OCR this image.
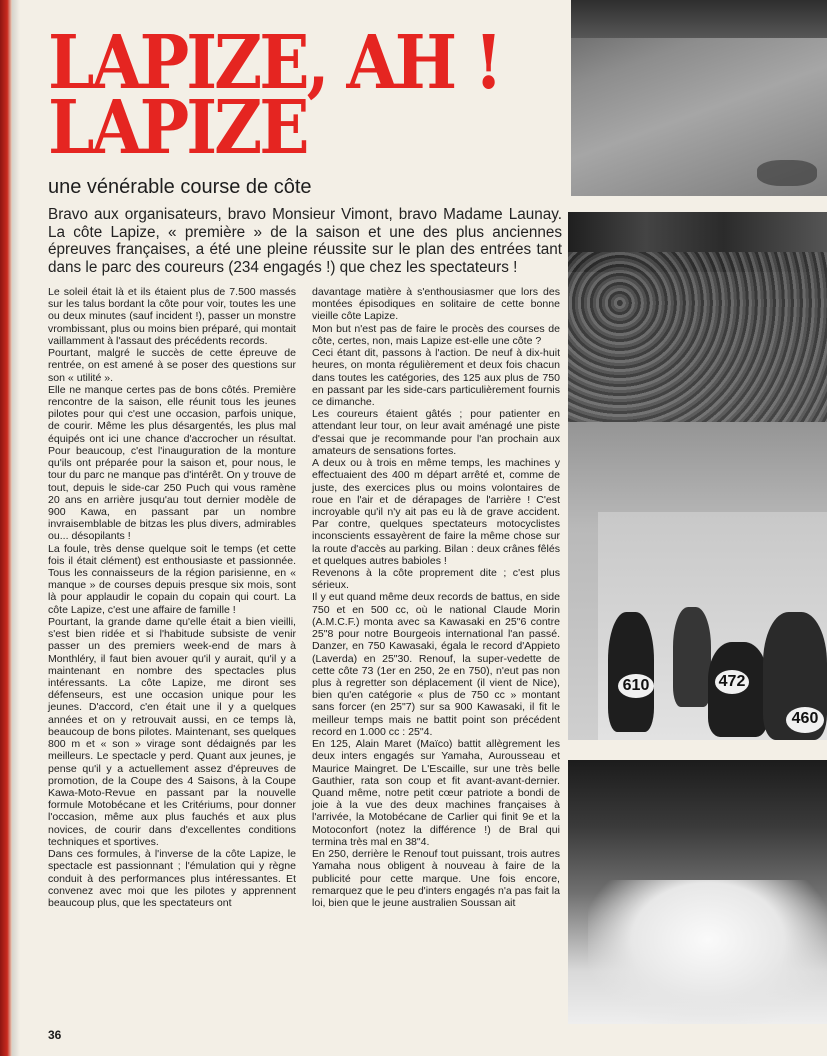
LAPIZE, AH !
LAPIZE
une vénérable course de côte

Bravo aux organisateurs, bravo Monsieur Vimont, bravo Madame Launay. La côte Lapize, « première » de la saison et une des plus anciennes épreuves françaises, a été une pleine réussite sur le plan des entrées tant dans le parc des coureurs (234 engagés !) que chez les spectateurs !

Le soleil était là et ils étaient plus de 7.500 massés sur les talus bordant la côte pour voir, toutes les une ou deux minutes (sauf incident !), passer un monstre vrombissant, plus ou moins bien préparé, qui montait vaillamment à l'assaut des précédents records.

Pourtant, malgré le succès de cette épreuve de rentrée, on est amené à se poser des questions sur son « utilité ».

Elle ne manque certes pas de bons côtés. Première rencontre de la saison, elle réunit tous les jeunes pilotes pour qui c'est une occasion, parfois unique, de courir. Même les plus désargentés, les plus mal équipés ont ici une chance d'accrocher un résultat. Pour beaucoup, c'est l'inauguration de la monture qu'ils ont préparée pour la saison et, pour nous, le tour du parc ne manque pas d'intérêt. On y trouve de tout, depuis le side-car 250 Puch qui vous ramène 20 ans en arrière jusqu'au tout dernier modèle de 900 Kawa, en passant par un nombre invraisemblable de bitzas les plus divers, admirables ou... désopilants !

La foule, très dense quelque soit le temps (et cette fois il était clément) est enthousiaste et passionnée. Tous les connaisseurs de la région parisienne, en « manque » de courses depuis presque six mois, sont là pour applaudir le copain du copain qui court. La côte Lapize, c'est une affaire de famille !

Pourtant, la grande dame qu'elle était a bien vieilli, s'est bien ridée et si l'habitude subsiste de venir passer un des premiers week-end de mars à Monthléry, il faut bien avouer qu'il y aurait, qu'il y a maintenant en nombre des spectacles plus intéressants. La côte Lapize, me diront ses défenseurs, est une occasion unique pour les jeunes. D'accord, c'en était une il y a quelques années et on y retrouvait aussi, en ce temps là, beaucoup de bons pilotes. Maintenant, ses quelques 800 m et « son » virage sont dédaignés par les meilleurs. Le spectacle y perd. Quant aux jeunes, je pense qu'il y a actuellement assez d'épreuves de promotion, de la Coupe des 4 Saisons, à la Coupe Kawa-Moto-Revue en passant par la nouvelle formule Motobécane et les Critériums, pour donner l'occasion, même aux plus fauchés et aux plus novices, de courir dans d'excellentes conditions techniques et sportives.

Dans ces formules, à l'inverse de la côte Lapize, le spectacle est passionnant ; l'émulation qui y règne conduit à des performances plus intéressantes. Et convenez avec moi que les pilotes y apprennent beaucoup plus, que les spectateurs ont

davantage matière à s'enthousiasmer que lors des montées épisodiques en solitaire de cette bonne vieille côte Lapize.

Mon but n'est pas de faire le procès des courses de côte, certes, non, mais Lapize est-elle une côte ?

Ceci étant dit, passons à l'action. De neuf à dix-huit heures, on monta régulièrement et deux fois chacun dans toutes les catégories, des 125 aux plus de 750 en passant par les side-cars particulièrement fournis ce dimanche.

Les coureurs étaient gâtés ; pour patienter en attendant leur tour, on leur avait aménagé une piste d'essai que je recommande pour l'an prochain aux amateurs de sensations fortes.

A deux ou à trois en même temps, les machines y effectuaient des 400 m départ arrêté et, comme de juste, des exercices plus ou moins volontaires de roue en l'air et de dérapages de l'arrière ! C'est incroyable qu'il n'y ait pas eu là de grave accident. Par contre, quelques spectateurs motocyclistes inconscients essayèrent de faire la même chose sur la route d'accès au parking. Bilan : deux crânes fêlés et quelques autres babioles !

Revenons à la côte proprement dite ; c'est plus sérieux.

Il y eut quand même deux records de battus, en side 750 et en 500 cc, où le national Claude Morin (A.M.C.F.) monta avec sa Kawasaki en 25"6 contre 25"8 pour notre Bourgeois international l'an passé. Danzer, en 750 Kawasaki, égala le record d'Appieto (Laverda) en 25"30. Renouf, la super-vedette de cette côte 73 (1er en 250, 2e en 750), n'eut pas non plus à regretter son déplacement (il vient de Nice), bien qu'en catégorie « plus de 750 cc » montant sans forcer (en 25"7) sur sa 900 Kawasaki, il fit le meilleur temps mais ne battit point son précédent record en 1.000 cc : 25"4.

En 125, Alain Maret (Maïco) battit allègrement les deux inters engagés sur Yamaha, Aurousseau et Maurice Maingret. De L'Escaille, sur une très belle Gauthier, rata son coup et fit avant-avant-dernier. Quand même, notre petit cœur patriote a bondi de joie à la vue des deux machines françaises à l'arrivée, la Motobécane de Carlier qui finit 9e et la Motoconfort (notez la différence !) de Bral qui termina très mal en 38"4.

En 250, derrière le Renouf tout puissant, trois autres Yamaha nous obligent à nouveau à faire de la publicité pour cette marque. Une fois encore, remarquez que le peu d'inters engagés n'a pas fait la loi, bien que le jeune australien Soussan ait

36
610	472
460
